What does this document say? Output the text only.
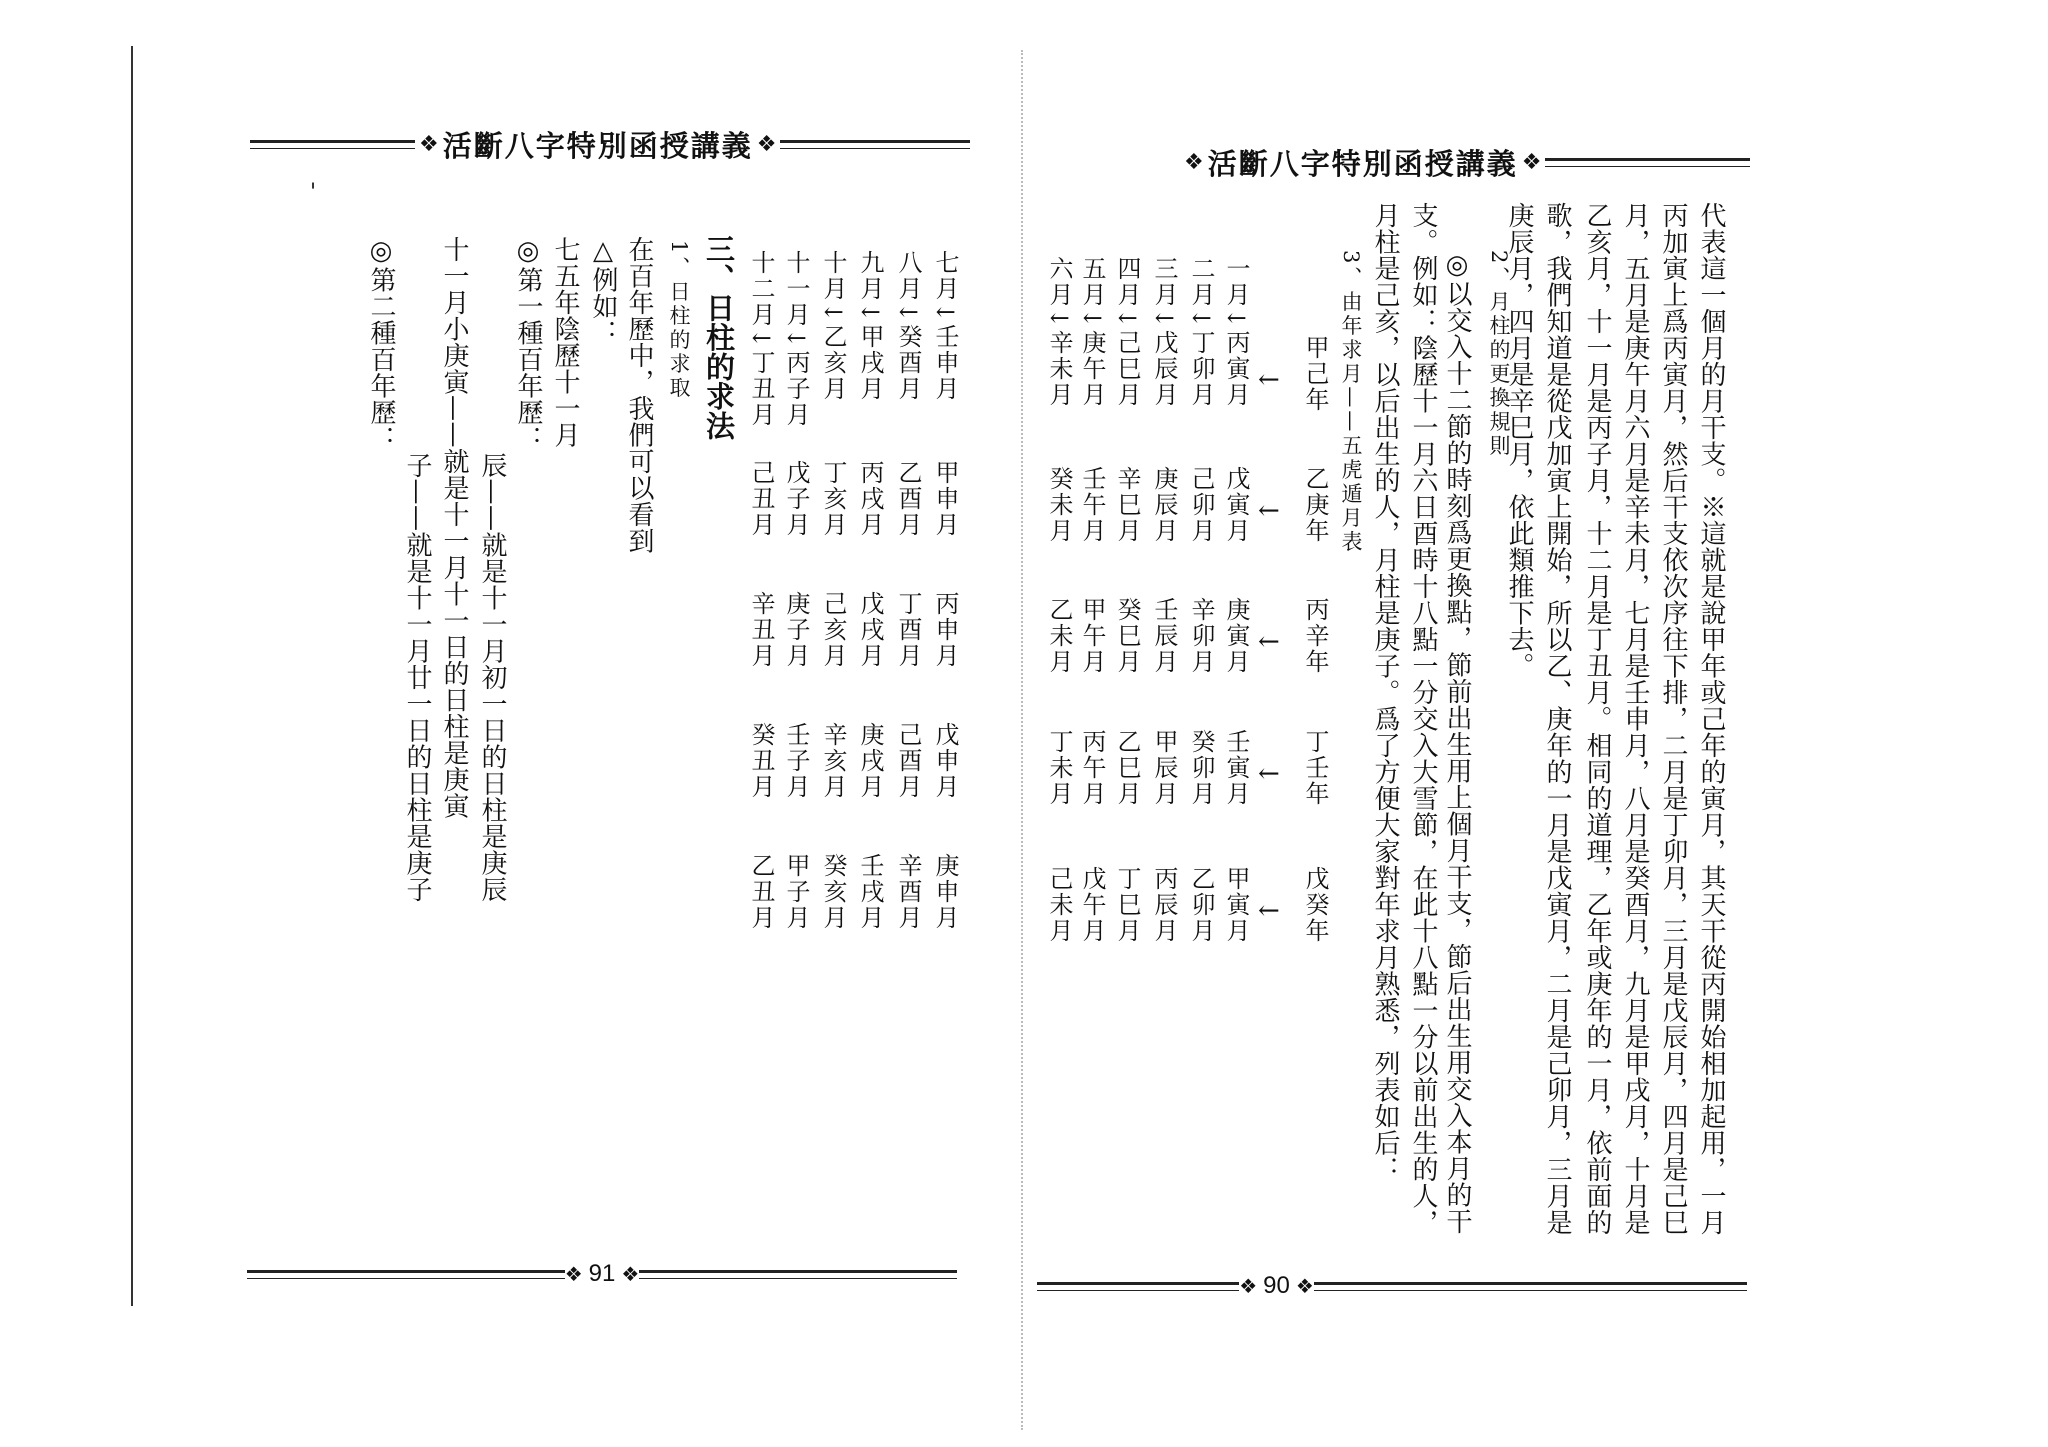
'
❖ 活斷八字特別函授講義 ❖
❖ 活斷八字特別函授講義 ❖
七月↓壬申月
八月↓癸酉月
九月↓甲戌月
十月↓乙亥月
十一月↓丙子月
十二月↓丁丑月
甲申月
乙酉月
丙戌月
丁亥月
戊子月
己丑月
丙申月
丁酉月
戊戌月
己亥月
庚子月
辛丑月
戊申月
己酉月
庚戌月
辛亥月
壬子月
癸丑月
庚申月
辛酉月
壬戌月
癸亥月
甲子月
乙丑月
三、日柱的求法
1、日柱的求取
在百年歷中，我們可以看到
△例如：
七五年陰歷十一月
◎第一種百年歷：
辰——就是十一月初一日的日柱是庚辰
十一月小庚寅——就是十一月十一日的日柱是庚寅
子——就是十一月廿一日的日柱是庚子
◎第二種百年歷：	代表這一個月的月干支。※這就是說甲年或己年的寅月，其天干從丙開始相加起用，一月
丙加寅上爲丙寅月，然后干支依次序往下排，二月是丁卯月，三月是戊辰月，四月是己巳
月，五月是庚午月六月是辛未月，七月是壬申月，八月是癸酉月，九月是甲戌月，十月是
乙亥月，十一月是丙子月，十二月是丁丑月。相同的道理，乙年或庚年的一月，依前面的
歌，我們知道是從戊加寅上開始，所以乙、庚年的一月是戊寅月，二月是己卯月，三月是
庚辰月，四月是辛巳月，依此類推下去。
2、月柱的更換規則
◎以交入十二節的時刻爲更換點，節前出生用上個月干支，節后出生用交入本月的干
支。例如：陰歷十一月六日酉時十八點一分交入大雪節，在此十八點一分以前出生的人，
月柱是己亥，以后出生的人，月柱是庚子。爲了方便大家對年求月熟悉，列表如后：
3、由年求月——五虎遁月表
甲己年
←
一月↓丙寅月
二月↓丁卯月
三月↓戊辰月
四月↓己巳月
五月↓庚午月
六月↓辛未月
乙庚年
←
戊寅月
己卯月
庚辰月
辛巳月
壬午月
癸未月
丙辛年
←
庚寅月
辛卯月
壬辰月
癸巳月
甲午月
乙未月
丁壬年
←
壬寅月
癸卯月
甲辰月
乙巳月
丙午月
丁未月
戊癸年
←
甲寅月
乙卯月
丙辰月
丁巳月
戊午月
己未月
❖ 91 ❖	❖ 90 ❖
